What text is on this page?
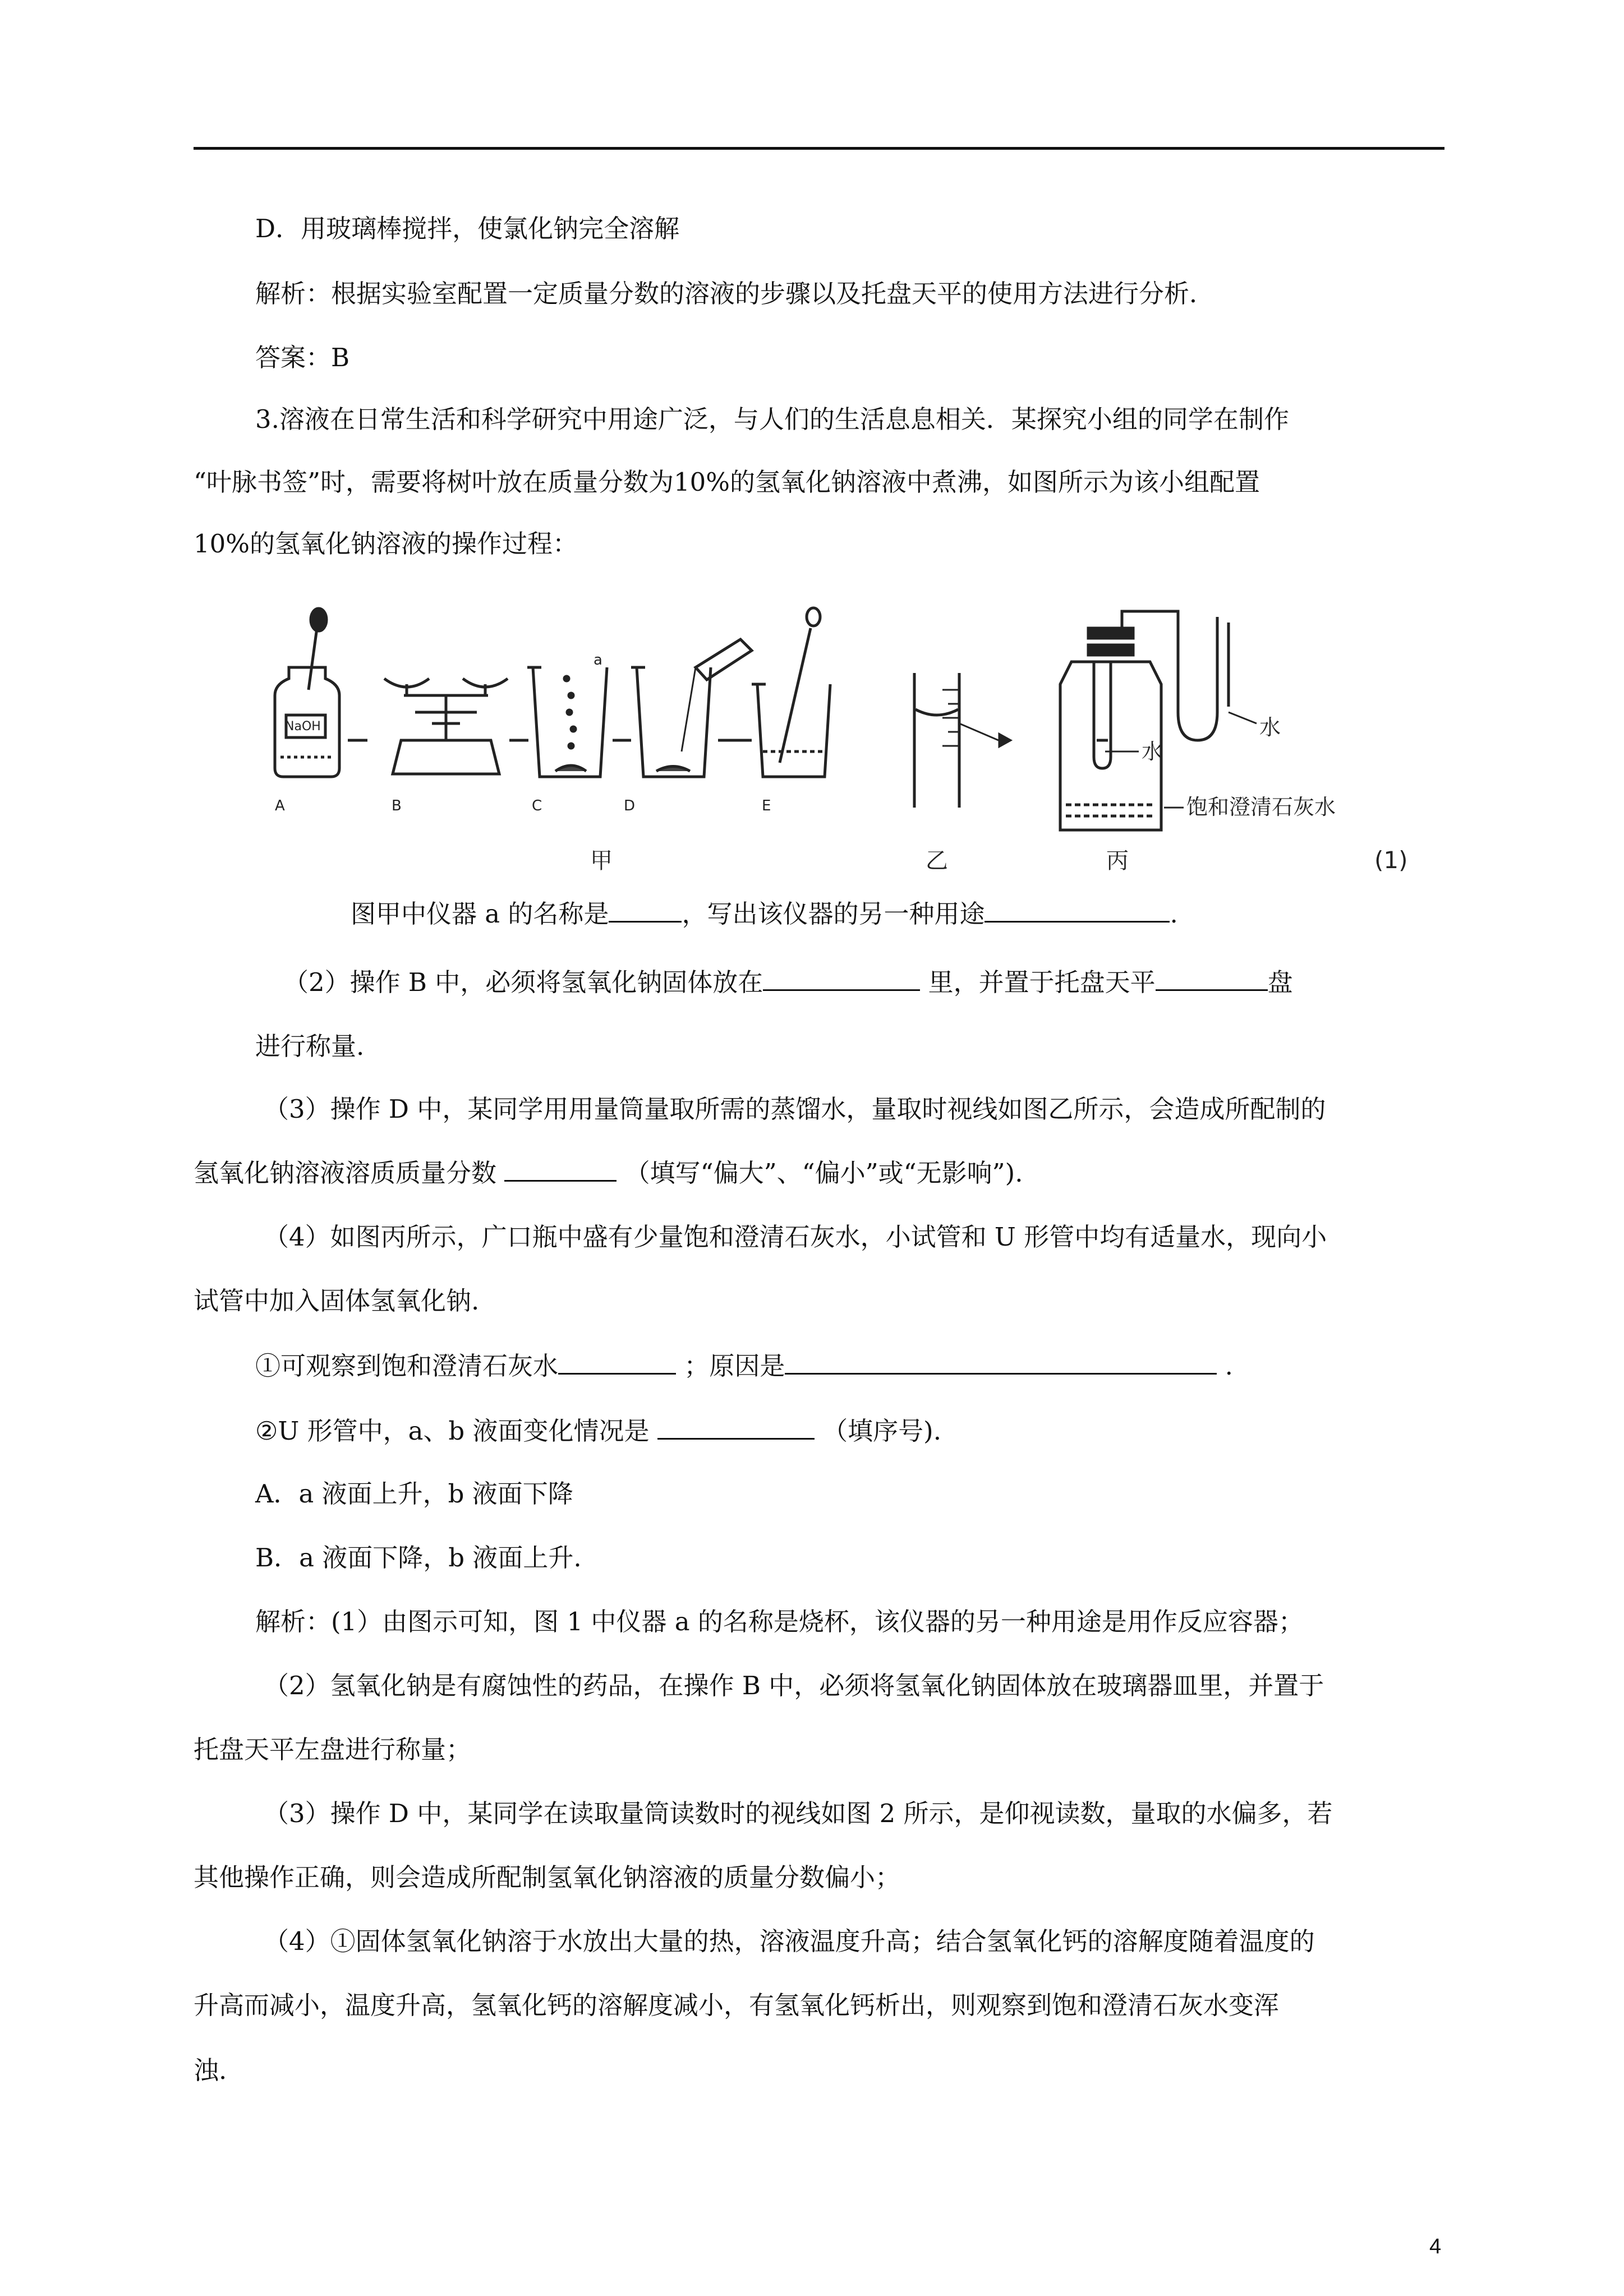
D．用玻璃棒搅拌，使氯化钠完全溶解
解析：根据实验室配置一定质量分数的溶液的步骤以及托盘天平的使用方法进行分析．
答案：B
3.溶液在日常生活和科学研究中用途广泛，与人们的生活息息相关．某探究小组的同学在制作
“叶脉书签”时，需要将树叶放在质量分数为10%的氢氧化钠溶液中煮沸，如图所示为该小组配置
10%的氢氧化钠溶液的操作过程：
NaOH
A	B	C	D	E
a
水
水
饱和澄清石灰水
甲	乙	丙	(1)
图甲中仪器 a 的名称是	，写出该仪器的另一种用途	.
（2）操作 B 中，必须将氢氧化钠固体放在	里，并置于托盘天平	盘
进行称量.
（3）操作 D 中，某同学用用量筒量取所需的蒸馏水，量取时视线如图乙所示，会造成所配制的
氢氧化钠溶液溶质质量分数	（填写“偏大”、“偏小”或“无影响”).
（4）如图丙所示，广口瓶中盛有少量饱和澄清石灰水，小试管和 U 形管中均有适量水，现向小
试管中加入固体氢氧化钠.
①可观察到饱和澄清石灰水	；原因是	.
②U 形管中，a、b 液面变化情况是	（填序号).
A．a 液面上升，b 液面下降
B．a 液面下降，b 液面上升.
解析：(1）由图示可知，图 1 中仪器 a 的名称是烧杯，该仪器的另一种用途是用作反应容器；
（2）氢氧化钠是有腐蚀性的药品，在操作 B 中，必须将氢氧化钠固体放在玻璃器皿里，并置于
托盘天平左盘进行称量；
（3）操作 D 中，某同学在读取量筒读数时的视线如图 2 所示，是仰视读数，量取的水偏多，若
其他操作正确，则会造成所配制氢氧化钠溶液的质量分数偏小；
（4）①固体氢氧化钠溶于水放出大量的热，溶液温度升高；结合氢氧化钙的溶解度随着温度的
升高而减小，温度升高，氢氧化钙的溶解度减小，有氢氧化钙析出，则观察到饱和澄清石灰水变浑
浊.
4
